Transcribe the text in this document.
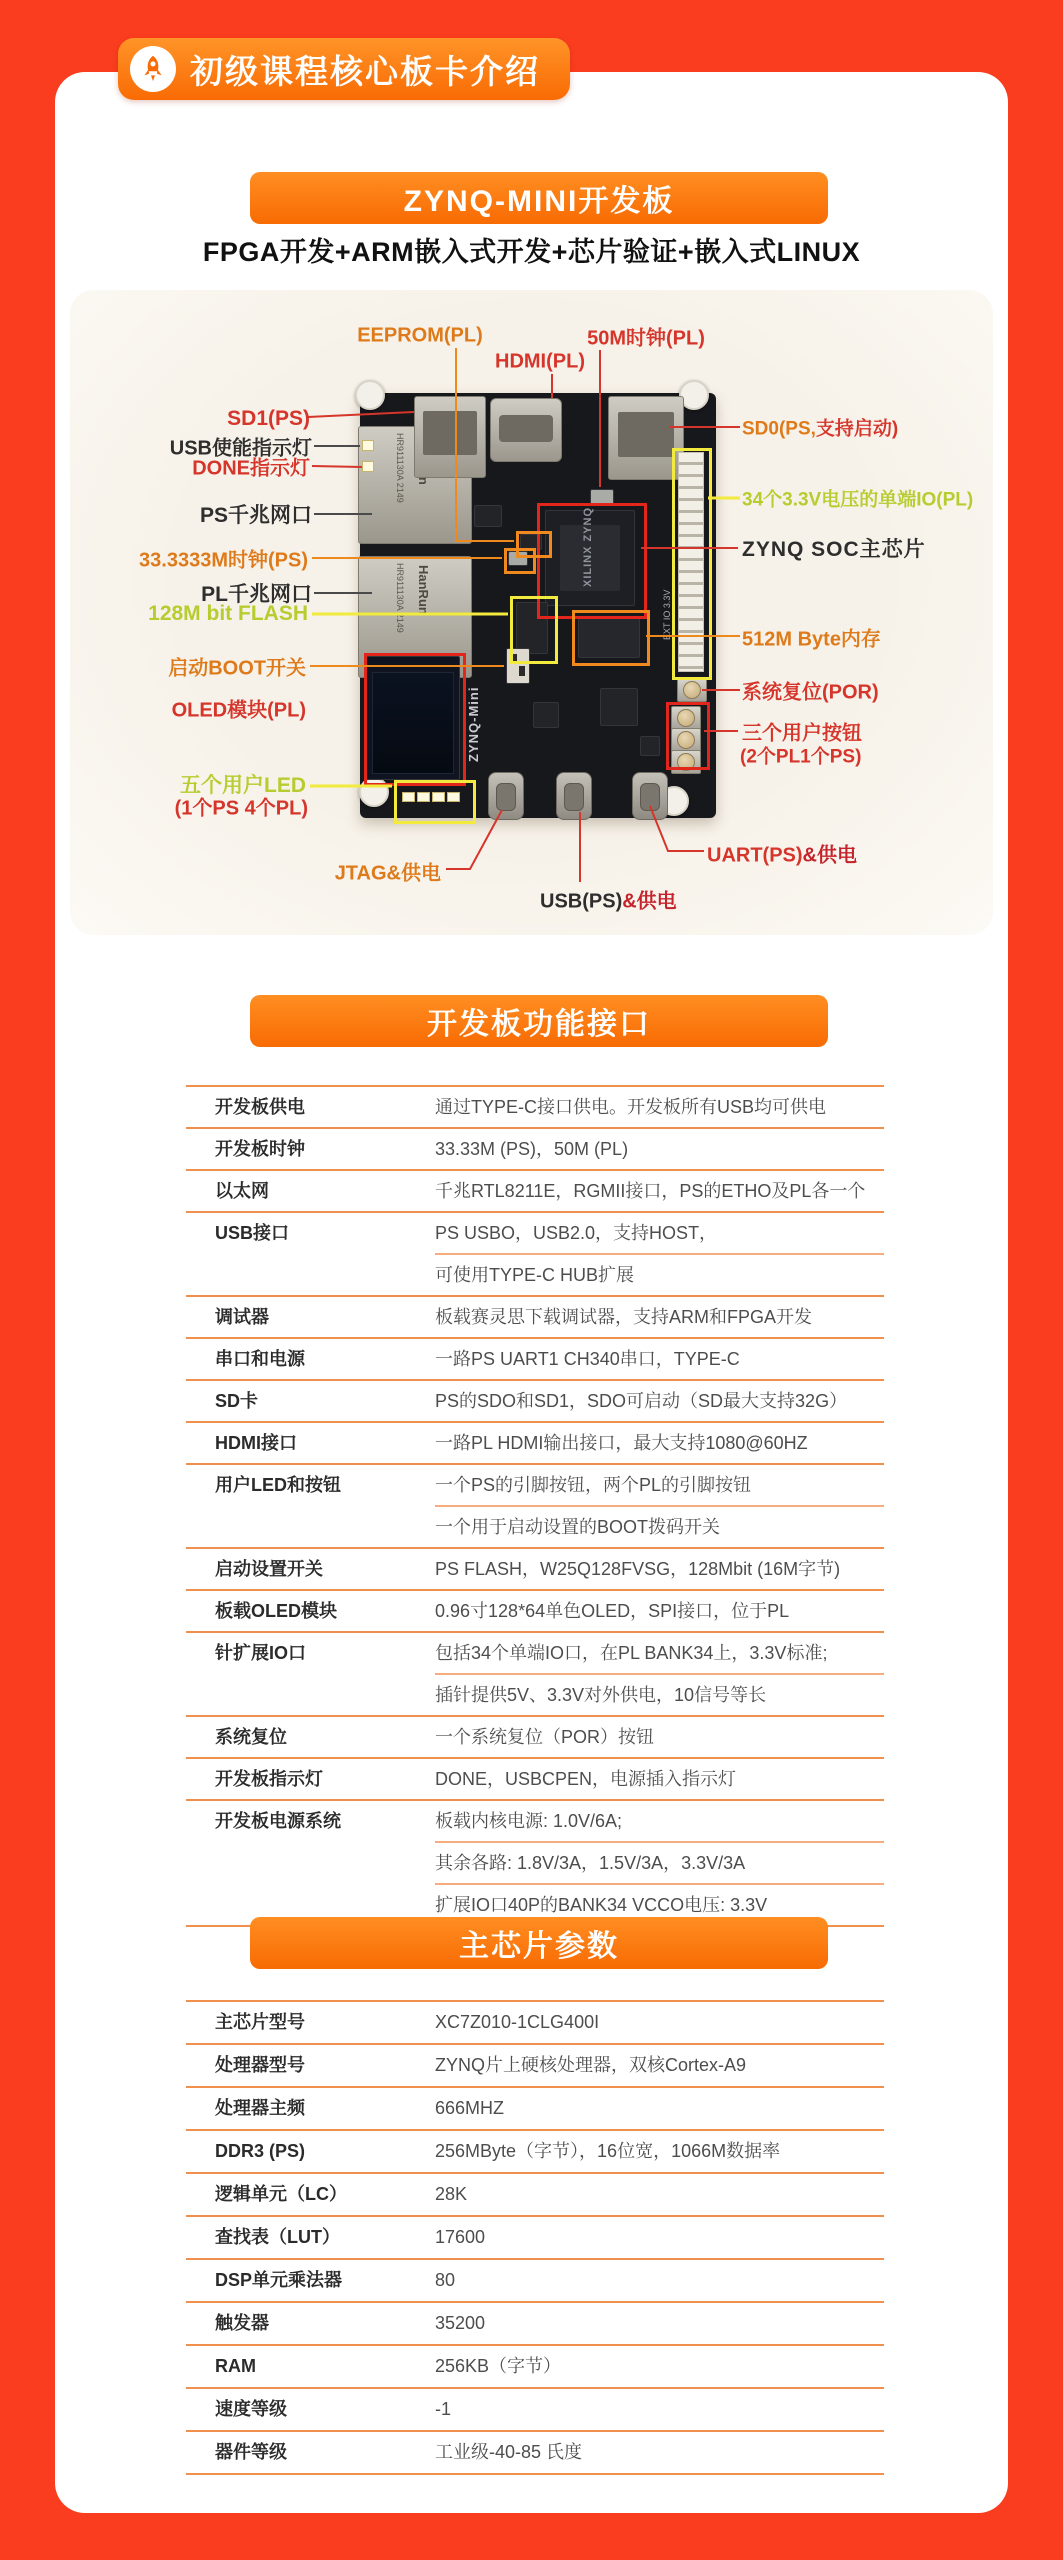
初级课程核心板卡介绍
ZYNQ-MINI开发板
FPGA开发+ARM嵌入式开发+芯片验证+嵌入式LINUX
HR911130A 2149
HanRun
HR911130A 2149
XILINX ZYNQ
ZYNQ-Mini
EXT IO 3.3V
EEPROM(PL)
HDMI(PL)
50M时钟(PL)
SD1(PS)
USB使能指示灯
DONE指示灯
PS千兆网口
33.3333M时钟(PS)
PL千兆网口
128M bit FLASH
启动BOOT开关
OLED模块(PL)
五个用户LED
(1个PS 4个PL)
JTAG&供电
USB(PS)&供电
UART(PS)&供电
SD0(PS,支持启动)
34个3.3V电压的单端IO(PL)
ZYNQ SOC主芯片
512M Byte内存
系统复位(POR)
三个用户按钮
(2个PL1个PS)
开发板功能接口
开发板供电	通过TYPE-C接口供电。开发板所有USB均可供电
开发板时钟	33.33M (PS)，50M (PL)
以太网	千兆RTL8211E，RGMII接口，PS的ETHO及PL各一个
USB接口	PS USBO，USB2.0，支持HOST，
可使用TYPE-C HUB扩展
调试器	板载赛灵思下载调试器，支持ARM和FPGA开发
串口和电源	一路PS UART1 CH340串口，TYPE-C
SD卡	PS的SDO和SD1，SDO可启动（SD最大支持32G）
HDMI接口	一路PL HDMI输出接口，最大支持1080@60HZ
用户LED和按钮	一个PS的引脚按钮，两个PL的引脚按钮
一个用于启动设置的BOOT拨码开关
启动设置开关	PS FLASH，W25Q128FVSG，128Mbit (16M字节)
板载OLED模块	0.96寸128*64单色OLED，SPI接口，位于PL
针扩展IO口	包括34个单端IO口，在PL BANK34上，3.3V标准;
插针提供5V、3.3V对外供电，10信号等长
系统复位	一个系统复位（POR）按钮
开发板指示灯	DONE，USBCPEN，电源插入指示灯
开发板电源系统	板载内核电源: 1.0V/6A;
其余各路: 1.8V/3A，1.5V/3A，3.3V/3A
扩展IO口40P的BANK34 VCCO电压: 3.3V
主芯片参数
主芯片型号	XC7Z010-1CLG400I
处理器型号	ZYNQ片上硬核处理器，双核Cortex-A9
处理器主频	666MHZ
DDR3 (PS)	256MByte（字节），16位宽，1066M数据率
逻辑单元（LC）	28K
查找表（LUT）	17600
DSP单元乘法器	80
触发器	35200
RAM	256KB（字节）
速度等级	-1
器件等级	工业级-40-85 氏度
